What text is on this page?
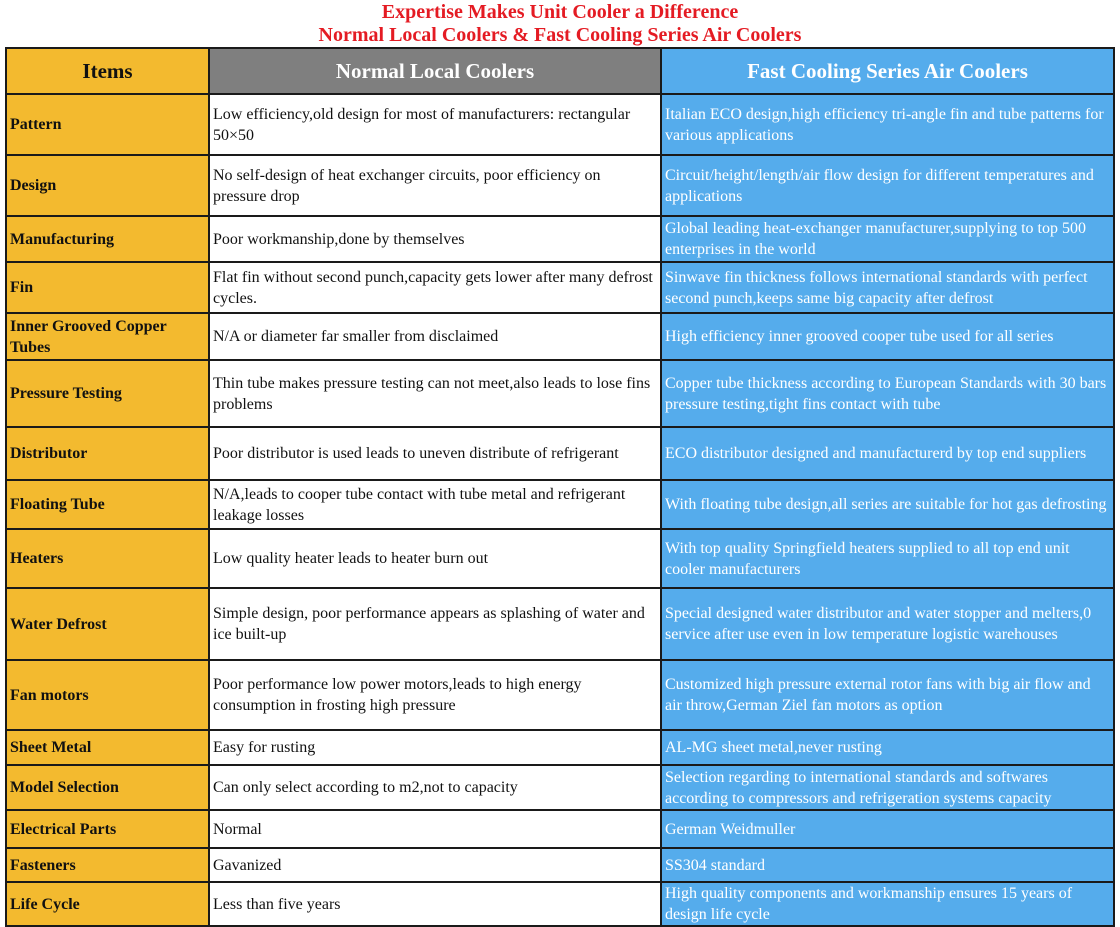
Expertise Makes Unit Cooler a Difference
Normal Local Coolers & Fast Cooling Series Air Coolers
Items	Normal Local Coolers	Fast Cooling Series Air Coolers
Pattern	Low efficiency,old design for most of manufacturers: rectangular 50×50	Italian ECO design,high efficiency tri-angle fin and tube patterns for various applications
Design	No self-design of heat exchanger circuits, poor efficiency on pressure drop	Circuit/height/length/air flow design for different temperatures and applications
Manufacturing	Poor workmanship,done by themselves	Global leading heat-exchanger manufacturer,supplying to top 500 enterprises in the world
Fin	Flat fin without second punch,capacity gets lower after many defrost cycles.	Sinwave fin thickness follows international standards with perfect second punch,keeps same big capacity after defrost
Inner Grooved Copper Tubes	N/A or diameter far smaller from disclaimed	High efficiency inner grooved cooper tube used for all series
Pressure Testing	Thin tube makes pressure testing can not meet,also leads to lose fins problems	Copper tube thickness according to European Standards with 30 bars pressure testing,tight fins contact with tube
Distributor	Poor distributor is used leads to uneven distribute of refrigerant	ECO distributor designed and manufacturerd by top end suppliers
Floating Tube	N/A,leads to cooper tube contact with tube metal and refrigerant leakage losses	With floating tube design,all series are suitable for hot gas defrosting
Heaters	Low quality heater leads to heater burn out	With top quality Springfield heaters supplied to all top end unit cooler manufacturers
Water Defrost	Simple design, poor performance appears as splashing of water and ice built-up	Special designed water distributor and water stopper and melters,0 service after use even in low temperature logistic warehouses
Fan motors	Poor performance low power motors,leads to high energy consumption in frosting high pressure	Customized high pressure external rotor fans with big air flow and air throw,German Ziel fan motors as option
Sheet Metal	Easy for rusting	AL-MG sheet metal,never rusting
Model Selection	Can only select according to m2,not to capacity	Selection regarding to international standards and softwares according to compressors and refrigeration systems capacity
Electrical Parts	Normal	German Weidmuller
Fasteners	Gavanized	SS304 standard
Life Cycle	Less than five years	High quality components and workmanship ensures 15 years of design life cycle
